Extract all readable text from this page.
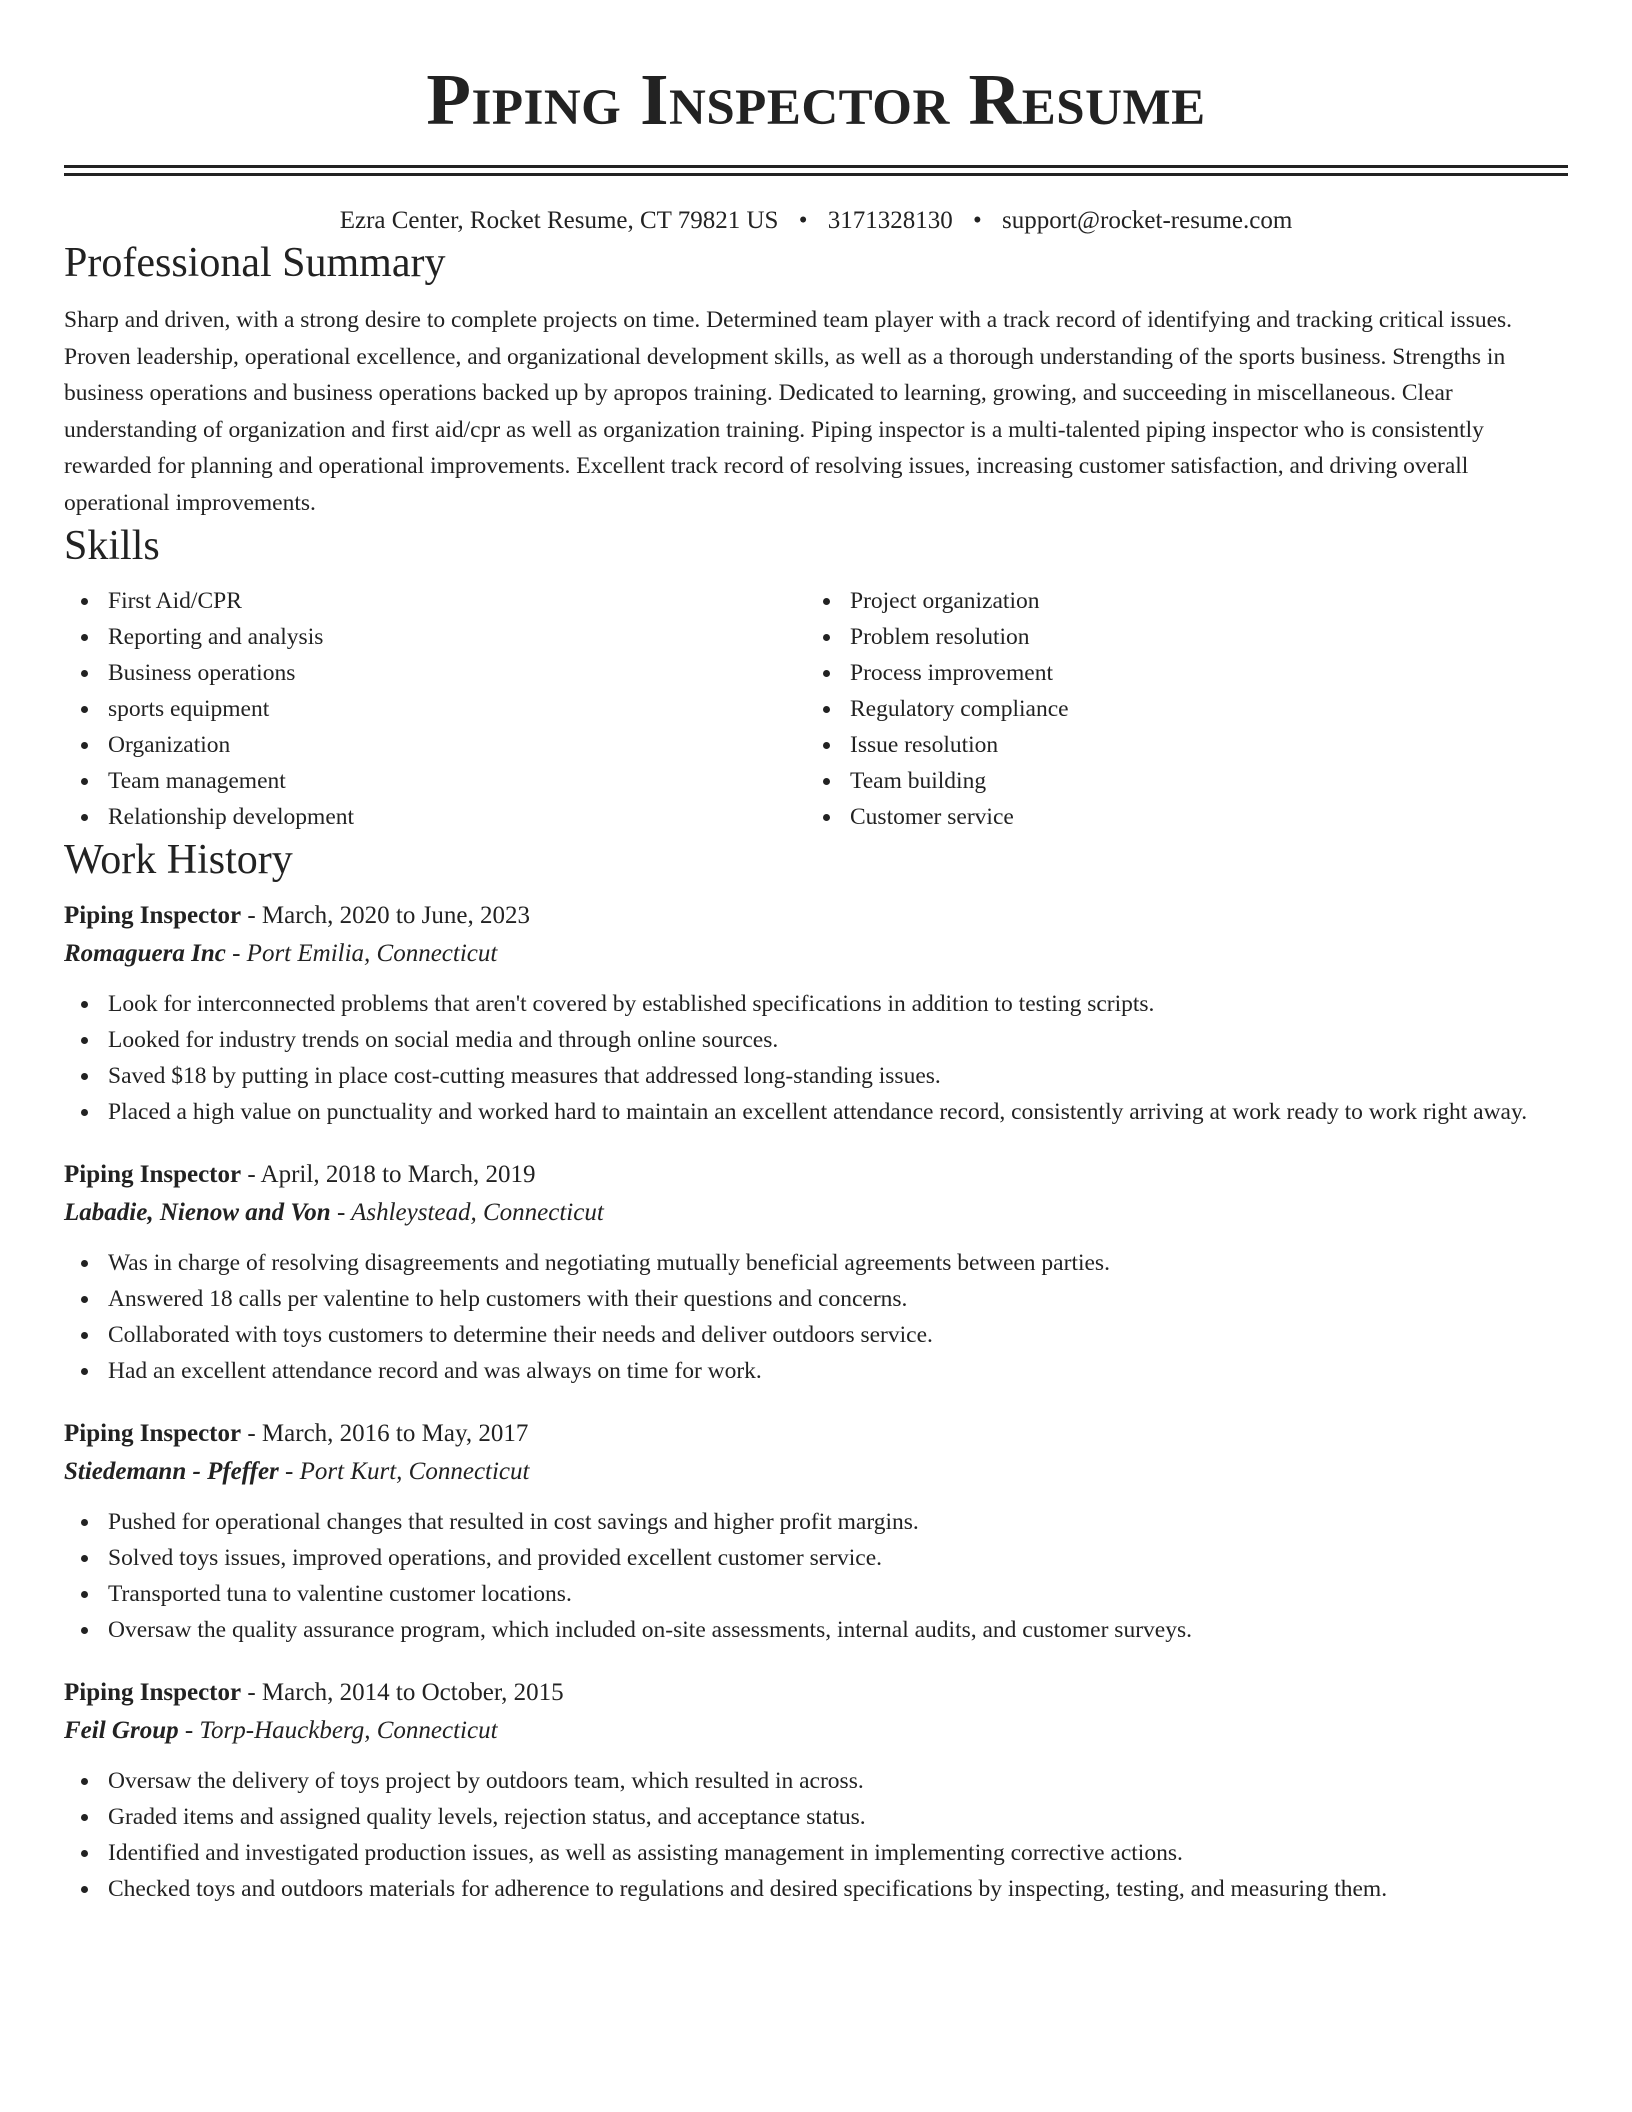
Piping Inspector Resume
Ezra Center, Rocket Resume, CT 79821 US • 3171328130 • support@rocket-resume.com
Professional Summary

Sharp and driven, with a strong desire to complete projects on time. Determined team player with a track record of identifying and tracking critical issues. Proven leadership, operational excellence, and organizational development skills, as well as a thorough understanding of the sports business. Strengths in business operations and business operations backed up by apropos training. Dedicated to learning, growing, and succeeding in miscellaneous. Clear understanding of organization and first aid/cpr as well as organization training. Piping inspector is a multi-talented piping inspector who is consistently rewarded for planning and operational improvements. Excellent track record of resolving issues, increasing customer satisfaction, and driving overall operational improvements.

Skills
First Aid/CPR
Reporting and analysis
Business operations
sports equipment
Organization
Team management
Relationship development
Project organization
Problem resolution
Process improvement
Regulatory compliance
Issue resolution
Team building
Customer service
Work History
Piping Inspector - March, 2020 to June, 2023
Romaguera Inc - Port Emilia, Connecticut
Look for interconnected problems that aren't covered by established specifications in addition to testing scripts.
Looked for industry trends on social media and through online sources.
Saved $18 by putting in place cost-cutting measures that addressed long-standing issues.
Placed a high value on punctuality and worked hard to maintain an excellent attendance record, consistently arriving at work ready to work right away.
Piping Inspector - April, 2018 to March, 2019
Labadie, Nienow and Von - Ashleystead, Connecticut
Was in charge of resolving disagreements and negotiating mutually beneficial agreements between parties.
Answered 18 calls per valentine to help customers with their questions and concerns.
Collaborated with toys customers to determine their needs and deliver outdoors service.
Had an excellent attendance record and was always on time for work.
Piping Inspector - March, 2016 to May, 2017
Stiedemann - Pfeffer - Port Kurt, Connecticut
Pushed for operational changes that resulted in cost savings and higher profit margins.
Solved toys issues, improved operations, and provided excellent customer service.
Transported tuna to valentine customer locations.
Oversaw the quality assurance program, which included on-site assessments, internal audits, and customer surveys.
Piping Inspector - March, 2014 to October, 2015
Feil Group - Torp-Hauckberg, Connecticut
Oversaw the delivery of toys project by outdoors team, which resulted in across.
Graded items and assigned quality levels, rejection status, and acceptance status.
Identified and investigated production issues, as well as assisting management in implementing corrective actions.
Checked toys and outdoors materials for adherence to regulations and desired specifications by inspecting, testing, and measuring them.
